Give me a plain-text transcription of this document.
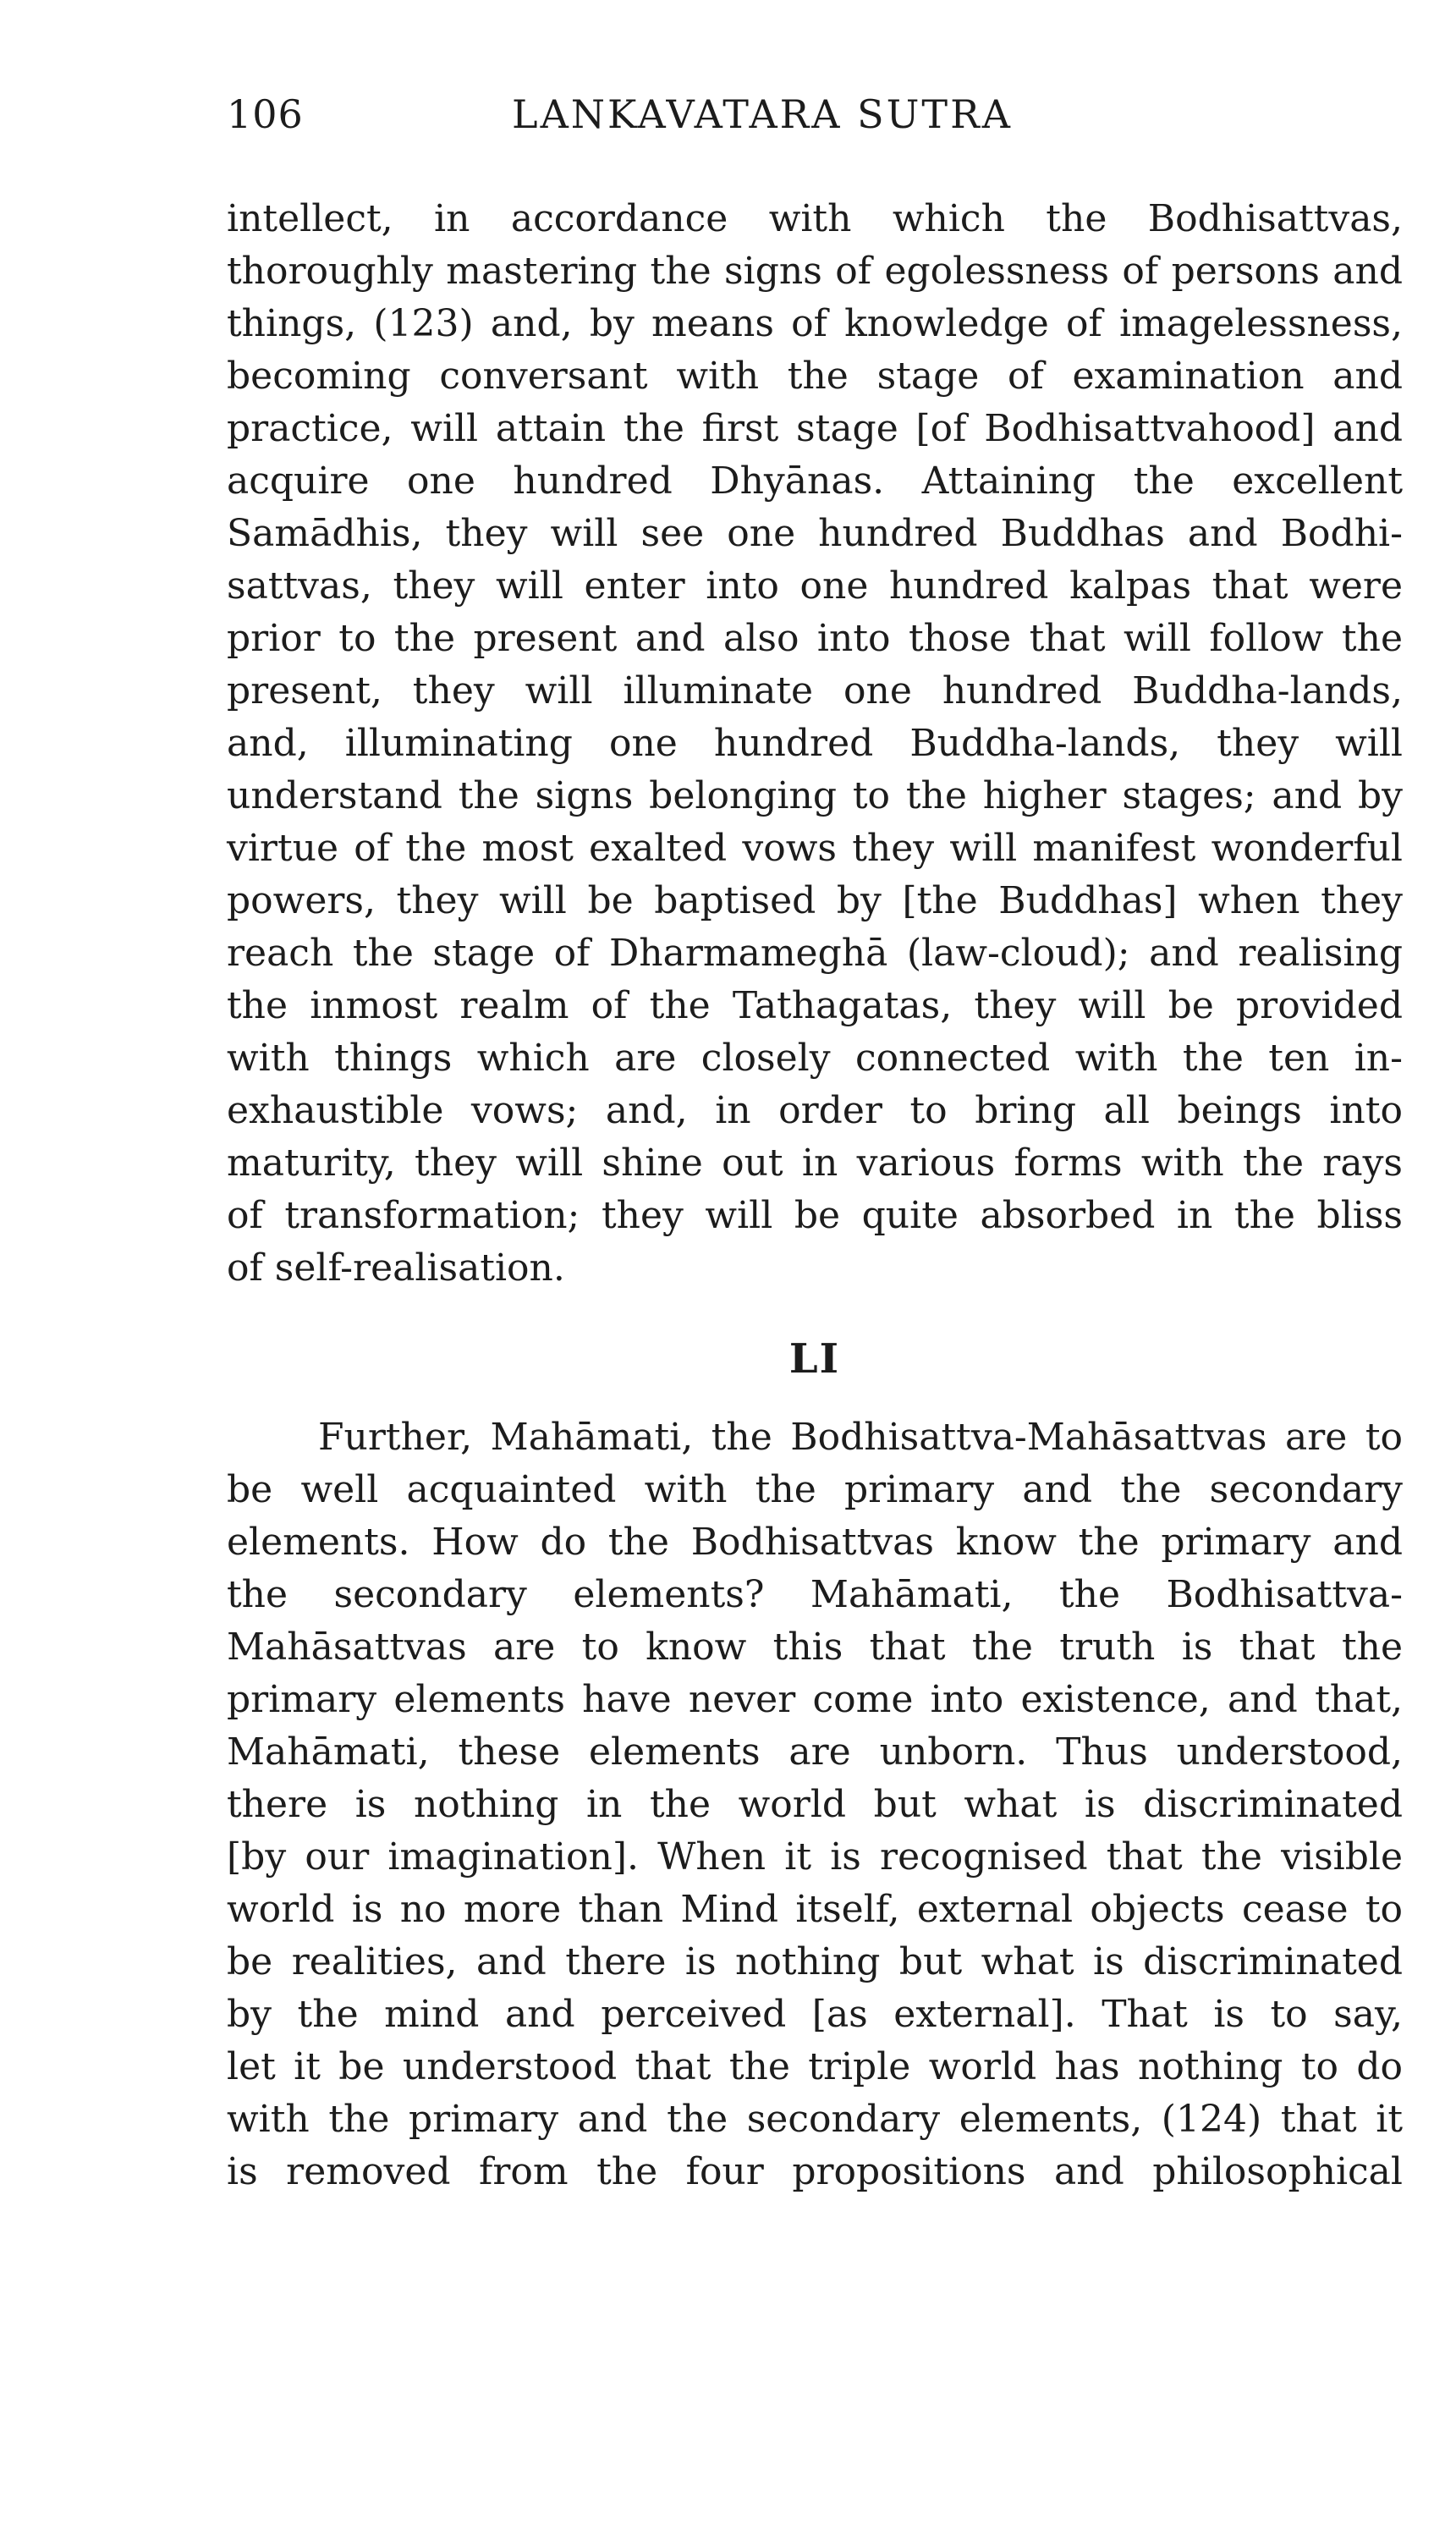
106	LANKAVATARA SUTRA
intellect, in accordance with which the Bodhisattvas,
thoroughly mastering the signs of egolessness of persons and
things, (123) and, by means of knowledge of imagelessness,
becoming conversant with the stage of examination and
practice, will attain the first stage [of Bodhisattvahood] and
acquire one hundred Dhyānas. Attaining the excellent
Samādhis, they will see one hundred Buddhas and Bodhi-
sattvas, they will enter into one hundred kalpas that were
prior to the present and also into those that will follow the
present, they will illuminate one hundred Buddha-lands,
and, illuminating one hundred Buddha-lands, they will
understand the signs belonging to the higher stages; and by
virtue of the most exalted vows they will manifest wonderful
powers, they will be baptised by [the Buddhas] when they
reach the stage of Dharmameghā (law-cloud); and realising
the inmost realm of the Tathagatas, they will be provided
with things which are closely connected with the ten in-
exhaustible vows; and, in order to bring all beings into
maturity, they will shine out in various forms with the rays
of transformation; they will be quite absorbed in the bliss
of self-realisation.
LI
Further, Mahāmati, the Bodhisattva-Mahāsattvas are to
be well acquainted with the primary and the secondary
elements. How do the Bodhisattvas know the primary and
the secondary elements? Mahāmati, the Bodhisattva-
Mahāsattvas are to know this that the truth is that the
primary elements have never come into existence, and that,
Mahāmati, these elements are unborn. Thus understood,
there is nothing in the world but what is discriminated
[by our imagination]. When it is recognised that the visible
world is no more than Mind itself, external objects cease to
be realities, and there is nothing but what is discriminated
by the mind and perceived [as external]. That is to say,
let it be understood that the triple world has nothing to do
with the primary and the secondary elements, (124) that it
is removed from the four propositions and philosophical
